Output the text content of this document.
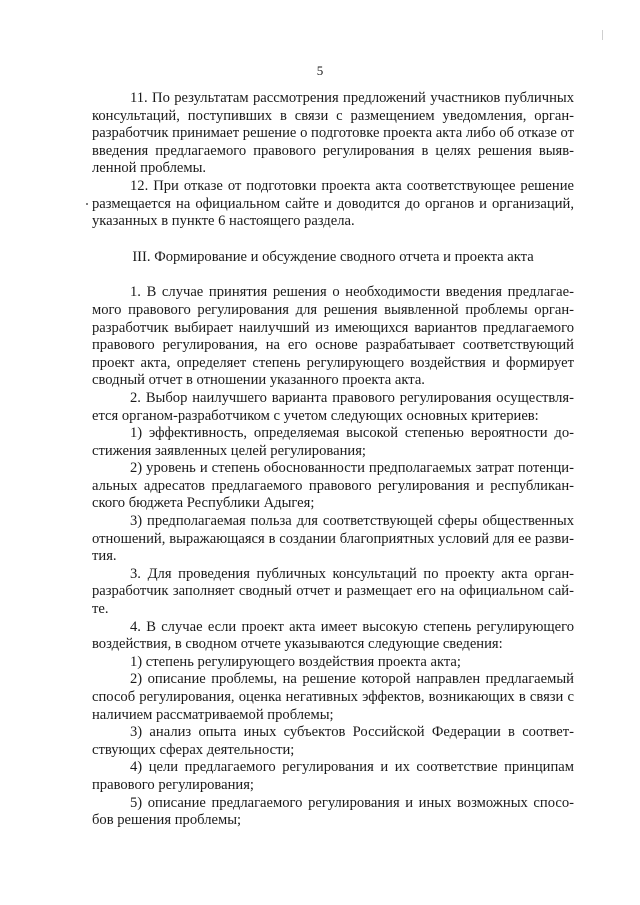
5

11. По результатам рассмотрения предложений участников публичных консультаций, поступивших в связи с размещением уведомления, орган-разработчик принимает решение о подготовке проекта акта либо об отказе от введения предлагаемого правового регулирования в целях решения выявленной проблемы.

12. При отказе от подготовки проекта акта соответствующее решение размещается на официальном сайте и доводится до органов и организаций, указанных в пункте 6 настоящего раздела.

III. Формирование и обсуждение сводного отчета и проекта акта

1. В случае принятия решения о необходимости введения предлагаемого правового регулирования для решения выявленной проблемы орган-разработчик выбирает наилучший из имеющихся вариантов предлагаемого правового регулирования, на его основе разрабатывает соответствующий проект акта, определяет степень регулирующего воздействия и формирует сводный отчет в отношении указанного проекта акта.

2. Выбор наилучшего варианта правового регулирования осуществляется органом-разработчиком с учетом следующих основных критериев:

1) эффективность, определяемая высокой степенью вероятности достижения заявленных целей регулирования;

2) уровень и степень обоснованности предполагаемых затрат потенциальных адресатов предлагаемого правового регулирования и республиканского бюджета Республики Адыгея;

3) предполагаемая польза для соответствующей сферы общественных отношений, выражающаяся в создании благоприятных условий для ее развития.

3. Для проведения публичных консультаций по проекту акта орган-разработчик заполняет сводный отчет и размещает его на официальном сайте.

4. В случае если проект акта имеет высокую степень регулирующего воздействия, в сводном отчете указываются следующие сведения:

1) степень регулирующего воздействия проекта акта;

2) описание проблемы, на решение которой направлен предлагаемый способ регулирования, оценка негативных эффектов, возникающих в связи с наличием рассматриваемой проблемы;

3) анализ опыта иных субъектов Российской Федерации в соответствующих сферах деятельности;

4) цели предлагаемого регулирования и их соответствие принципам правового регулирования;

5) описание предлагаемого регулирования и иных возможных способов решения проблемы;
